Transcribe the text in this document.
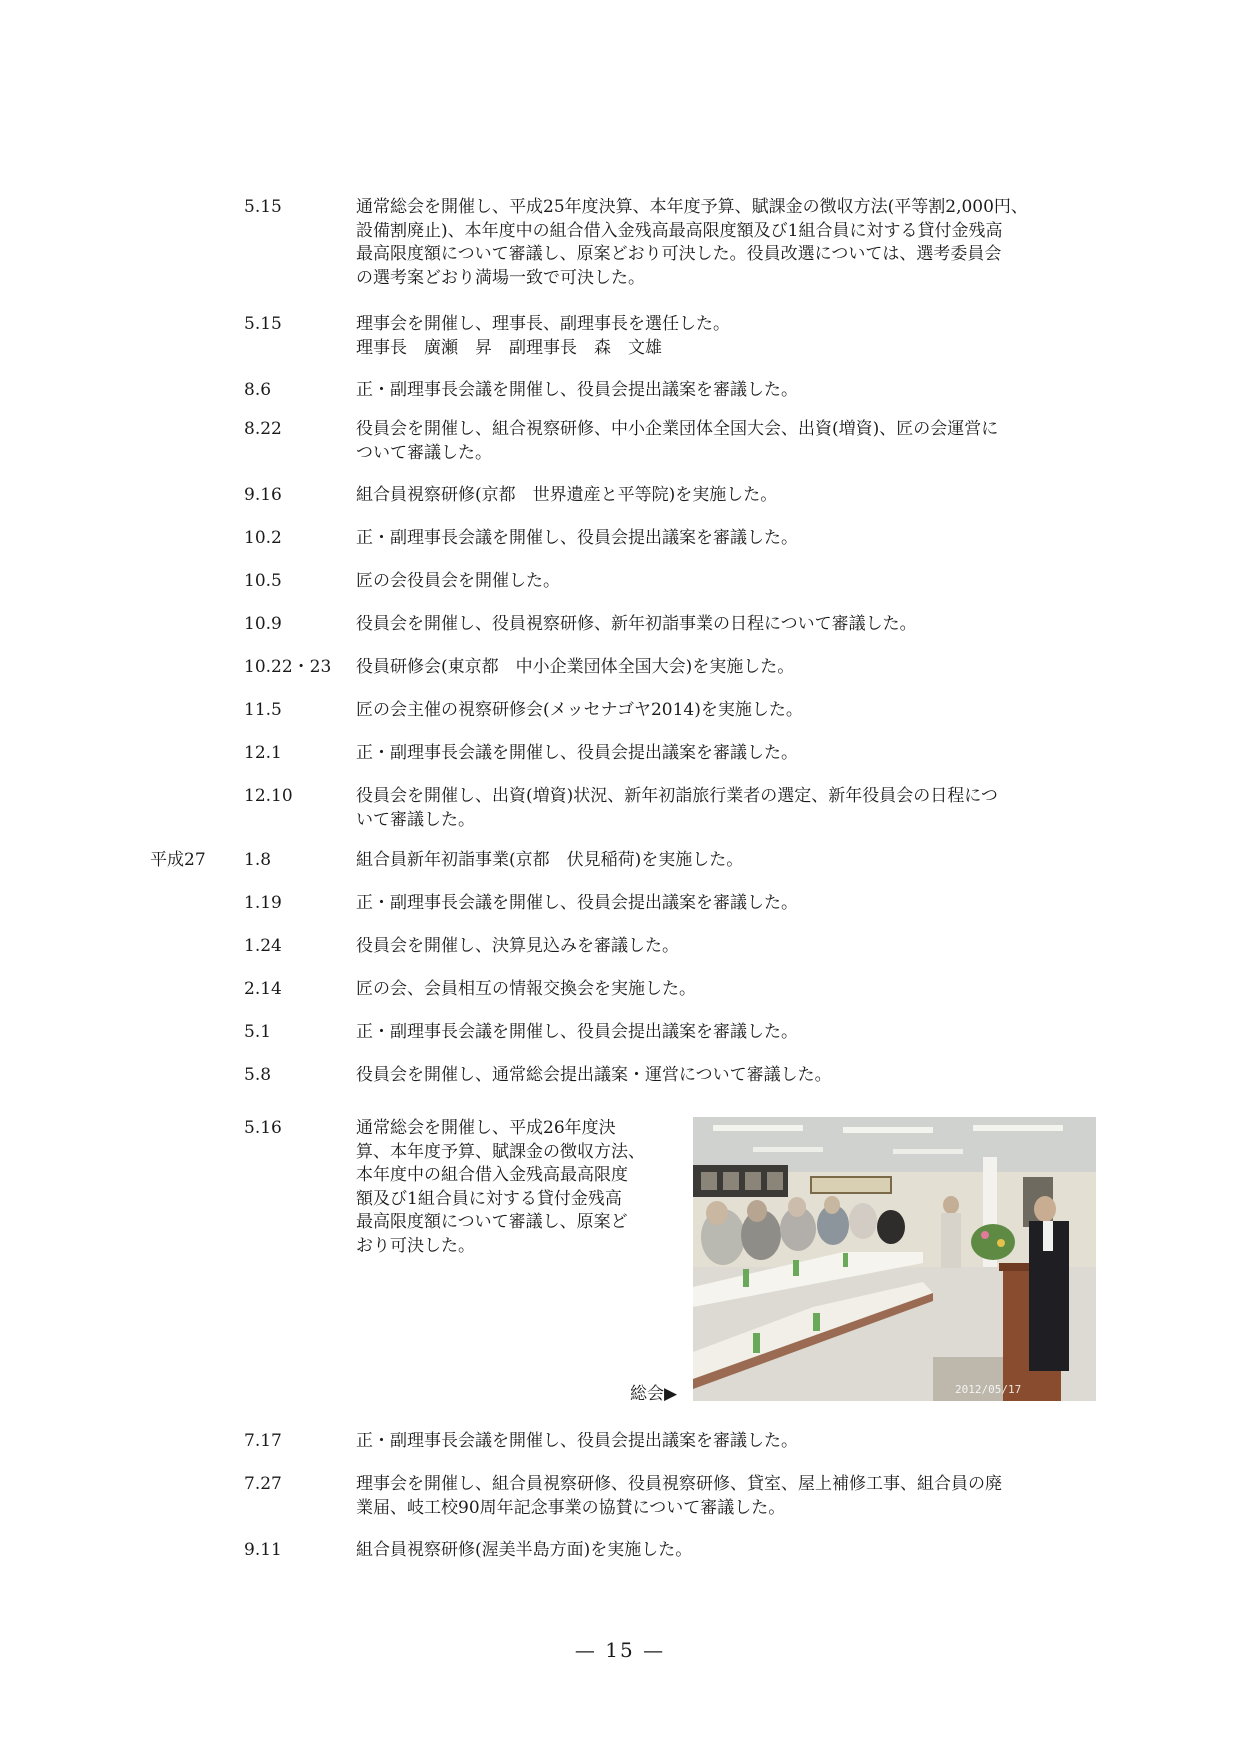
5.15	通常総会を開催し、平成25年度決算、本年度予算、賦課金の徴収方法(平等割2,000円、
設備割廃止)、本年度中の組合借入金残高最高限度額及び1組合員に対する貸付金残高
最高限度額について審議し、原案どおり可決した。役員改選については、選考委員会
の選考案どおり満場一致で可決した。
5.15	理事会を開催し、理事長、副理事長を選任した。
理事長　廣瀬　昇　副理事長　森　文雄
8.6	正・副理事長会議を開催し、役員会提出議案を審議した。
8.22	役員会を開催し、組合視察研修、中小企業団体全国大会、出資(増資)、匠の会運営に
ついて審議した。
9.16	組合員視察研修(京都　世界遺産と平等院)を実施した。
10.2	正・副理事長会議を開催し、役員会提出議案を審議した。
10.5	匠の会役員会を開催した。
10.9	役員会を開催し、役員視察研修、新年初詣事業の日程について審議した。
10.22・23 役員研修会(東京都　中小企業団体全国大会)を実施した。
11.5	匠の会主催の視察研修会(メッセナゴヤ2014)を実施した。
12.1	正・副理事長会議を開催し、役員会提出議案を審議した。
12.10	役員会を開催し、出資(増資)状況、新年初詣旅行業者の選定、新年役員会の日程につ
いて審議した。
平成27 1.8	組合員新年初詣事業(京都　伏見稲荷)を実施した。
1.19	正・副理事長会議を開催し、役員会提出議案を審議した。
1.24	役員会を開催し、決算見込みを審議した。
2.14	匠の会、会員相互の情報交換会を実施した。
5.1	正・副理事長会議を開催し、役員会提出議案を審議した。
5.8	役員会を開催し、通常総会提出議案・運営について審議した。
5.16	通常総会を開催し、平成26年度決
算、本年度予算、賦課金の徴収方法、
本年度中の組合借入金残高最高限度
額及び1組合員に対する貸付金残高
最高限度額について審議し、原案ど
おり可決した。
総会▶	2012/05/17
7.17	正・副理事長会議を開催し、役員会提出議案を審議した。
7.27	理事会を開催し、組合員視察研修、役員視察研修、貸室、屋上補修工事、組合員の廃
業届、岐工校90周年記念事業の協賛について審議した。
9.11	組合員視察研修(渥美半島方面)を実施した。
— 15 —
